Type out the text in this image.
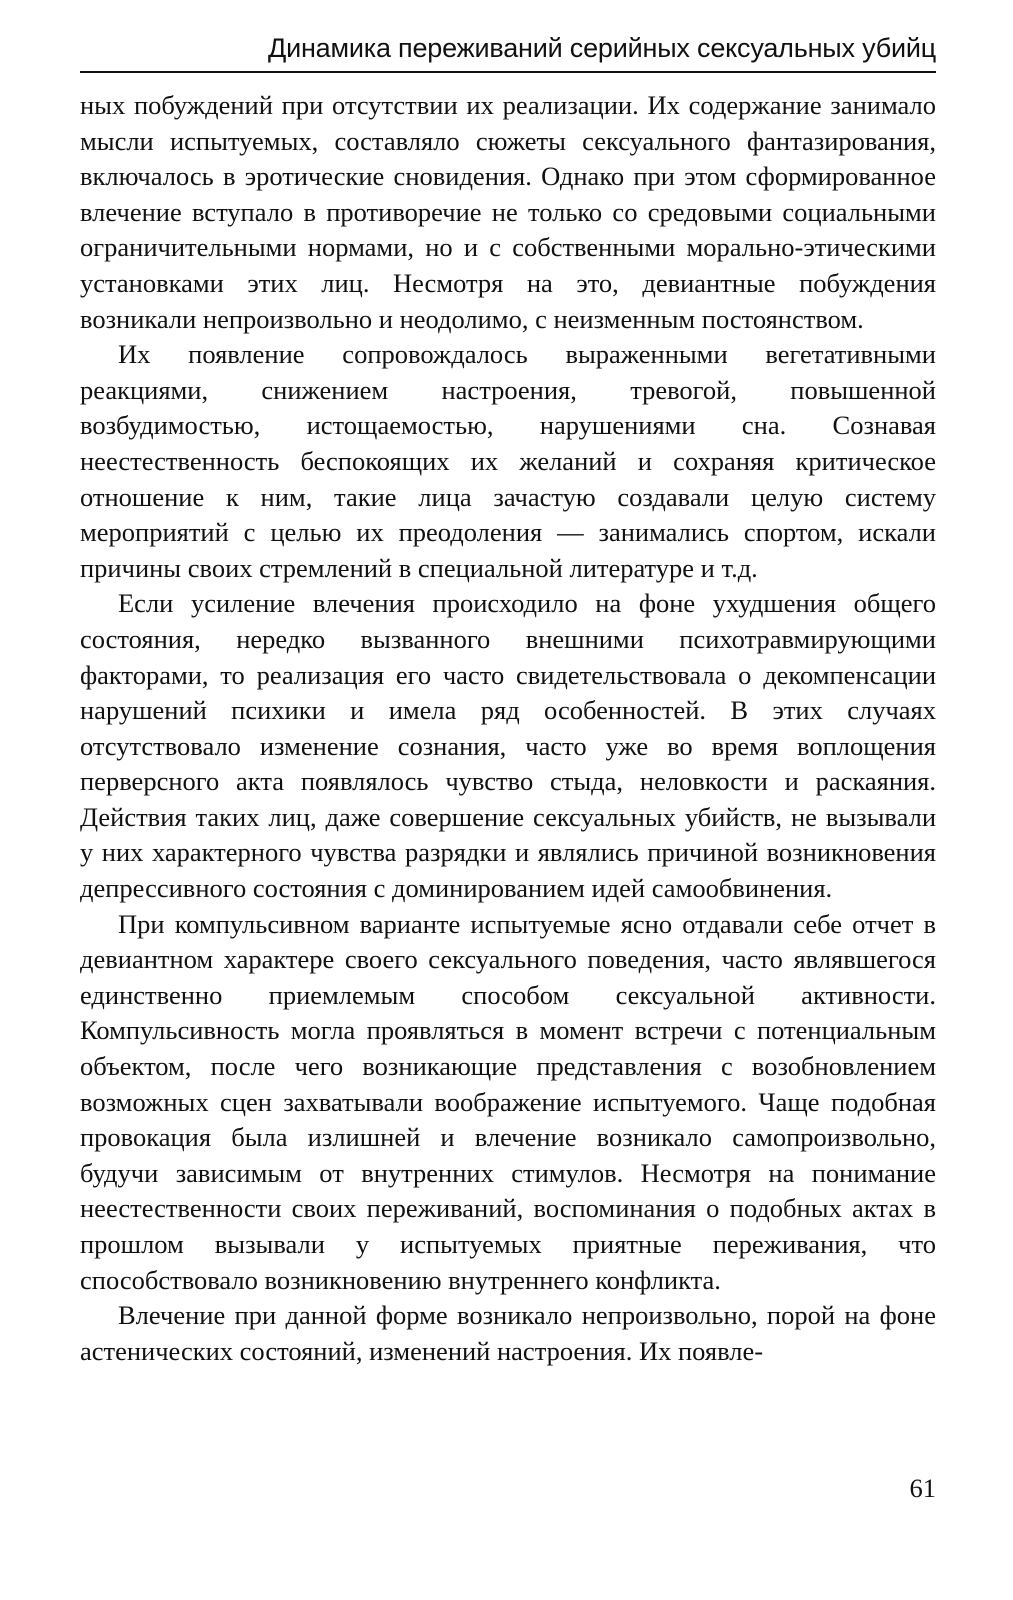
Динамика переживаний серийных сексуальных убийц

ных побуждений при отсутствии их реализации. Их содержание занимало мысли испытуемых, составляло сюжеты сексуального фантазирования, включалось в эротические сновидения. Однако при этом сформированное влечение вступало в противоречие не только со средовыми социальными ограничительными нормами, но и с собственными морально-этическими установками этих лиц. Несмотря на это, девиантные побуждения возникали непроизвольно и неодолимо, с неизменным постоянством.

Их появление сопровождалось выраженными вегетативными реакциями, снижением настроения, тревогой, повышенной возбудимостью, истощаемостью, нарушениями сна. Сознавая неестественность беспокоящих их желаний и сохраняя критическое отношение к ним, такие лица зачастую создавали целую систему мероприятий с целью их преодоления — занимались спортом, искали причины своих стремлений в специальной литературе и т.д.

Если усиление влечения происходило на фоне ухудшения общего состояния, нередко вызванного внешними психотравмирующими факторами, то реализация его часто свидетельствовала о декомпенсации нарушений психики и имела ряд особенностей. В этих случаях отсутствовало изменение сознания, часто уже во время воплощения перверсного акта появлялось чувство стыда, неловкости и раскаяния. Действия таких лиц, даже совершение сексуальных убийств, не вызывали у них характерного чувства разрядки и являлись причиной возникновения депрессивного состояния с доминированием идей самообвинения.

При компульсивном варианте испытуемые ясно отдавали себе отчет в девиантном характере своего сексуального поведения, часто являвшегося единственно приемлемым способом сексуальной активности. Компульсивность могла проявляться в момент встречи с потенциальным объектом, после чего возникающие представления с возобновлением возможных сцен захватывали воображение испытуемого. Чаще подобная провокация была излишней и влечение возникало самопроизвольно, будучи зависимым от внутренних стимулов. Несмотря на понимание неестественности своих переживаний, воспоминания о подобных актах в прошлом вызывали у испытуемых приятные переживания, что способствовало возникновению внутреннего конфликта.

Влечение при данной форме возникало непроизвольно, порой на фоне астенических состояний, изменений настроения. Их появле-

61
